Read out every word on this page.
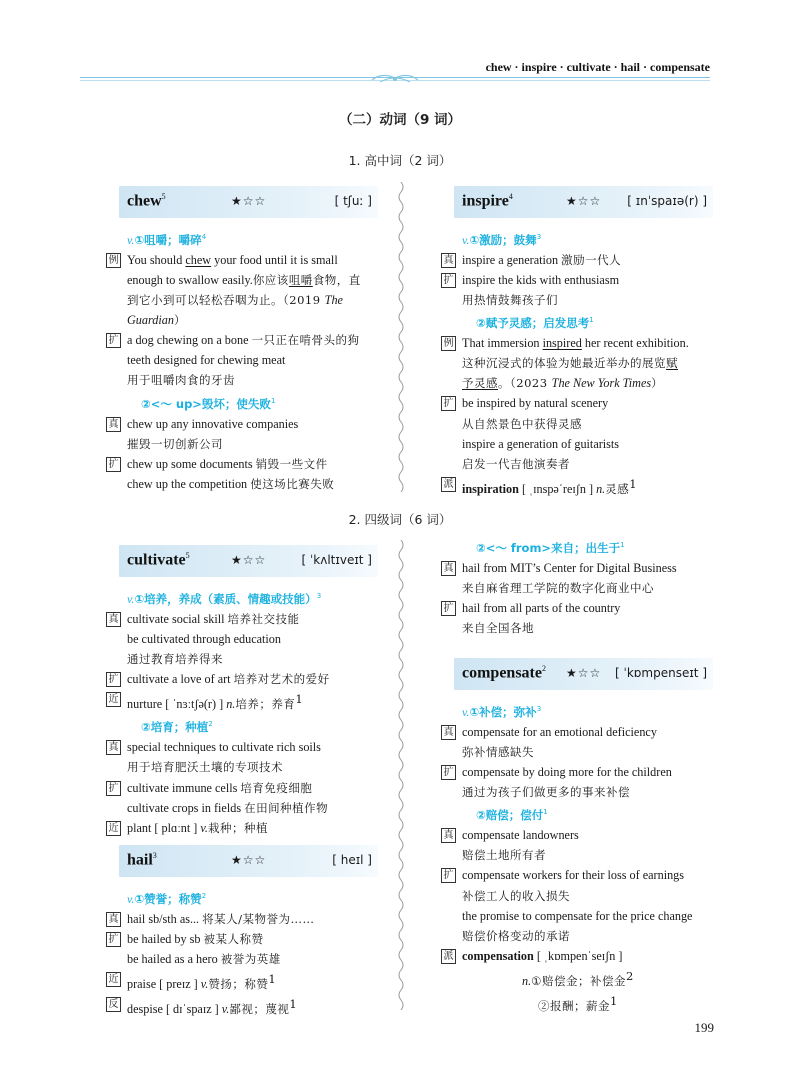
chew · inspire · cultivate · hail · compensate
（二）动词（9 词）
1. 高中词（2 词）
2. 四级词（6 词）
chew$^5$	★☆☆	[ tʃuː ]
v.①咀嚼；嚼碎$^4$
例 You should chew your food until it is small
enough to swallow easily.你应该咀嚼食物，直
到它小到可以轻松吞咽为止。（2019 The
Guardian）
扩 a dog chewing on a bone 一只正在啃骨头的狗
teeth designed for chewing meat
用于咀嚼肉食的牙齿
②<～ up>毁坏；使失败$^1$
真 chew up any innovative companies
摧毁一切创新公司
扩 chew up some documents 销毁一些文件
chew up the competition 使这场比赛失败
inspire$^4$	★☆☆ [ ɪnˈspaɪə(r) ]
v.①激励；鼓舞$^3$
真 inspire a generation 激励一代人
扩 inspire the kids with enthusiasm
用热情鼓舞孩子们
②赋予灵感；启发思考$^1$
例 That immersion inspired her recent exhibition.
这种沉浸式的体验为她最近举办的展览赋
予灵感。（2023 The New York Times）
扩 be inspired by natural scenery
从自然景色中获得灵感
inspire a generation of guitarists
启发一代吉他演奏者
派 inspiration [ ˌɪnspəˈreɪʃn ] n.灵感$^1$
cultivate$^5$	★☆☆	[ ˈkʌltɪveɪt ]
v.①培养，养成（素质、情趣或技能）$^3$
真 cultivate social skill 培养社交技能
be cultivated through education
通过教育培养得来
扩 cultivate a love of art 培养对艺术的爱好
近 nurture [ ˈnɜːtʃə(r) ] n.培养；养育$^1$
②培育；种植$^2$
真 special techniques to cultivate rich soils
用于培育肥沃土壤的专项技术
扩 cultivate immune cells 培育免疫细胞
cultivate crops in fields 在田间种植作物
近 plant [ plɑːnt ] v.栽种；种植
hail$^3$	★☆☆	[ heɪl ]
v.①赞誉；称赞$^2$
真 hail sb/sth as... 将某人/某物誉为……
扩 be hailed by sb 被某人称赞
be hailed as a hero 被誉为英雄
近 praise [ preɪz ] v.赞扬；称赞$^1$
反 despise [ dɪˈspaɪz ] v.鄙视；蔑视$^1$
②<～ from>来自；出生于$^1$
真 hail from MIT’s Center for Digital Business
来自麻省理工学院的数字化商业中心
扩 hail from all parts of the country
来自全国各地
compensate$^2$ ★☆☆ [ ˈkɒmpenseɪt ]
v.①补偿；弥补$^3$
真 compensate for an emotional deficiency
弥补情感缺失
扩 compensate by doing more for the children
通过为孩子们做更多的事来补偿
②赔偿；偿付$^1$
真 compensate landowners
赔偿土地所有者
扩 compensate workers for their loss of earnings
补偿工人的收入损失
the promise to compensate for the price change
赔偿价格变动的承诺
派 compensation [ ˌkɒmpenˈseɪʃn ]
n.①赔偿金；补偿金$^2$
②报酬；薪金$^1$
199
